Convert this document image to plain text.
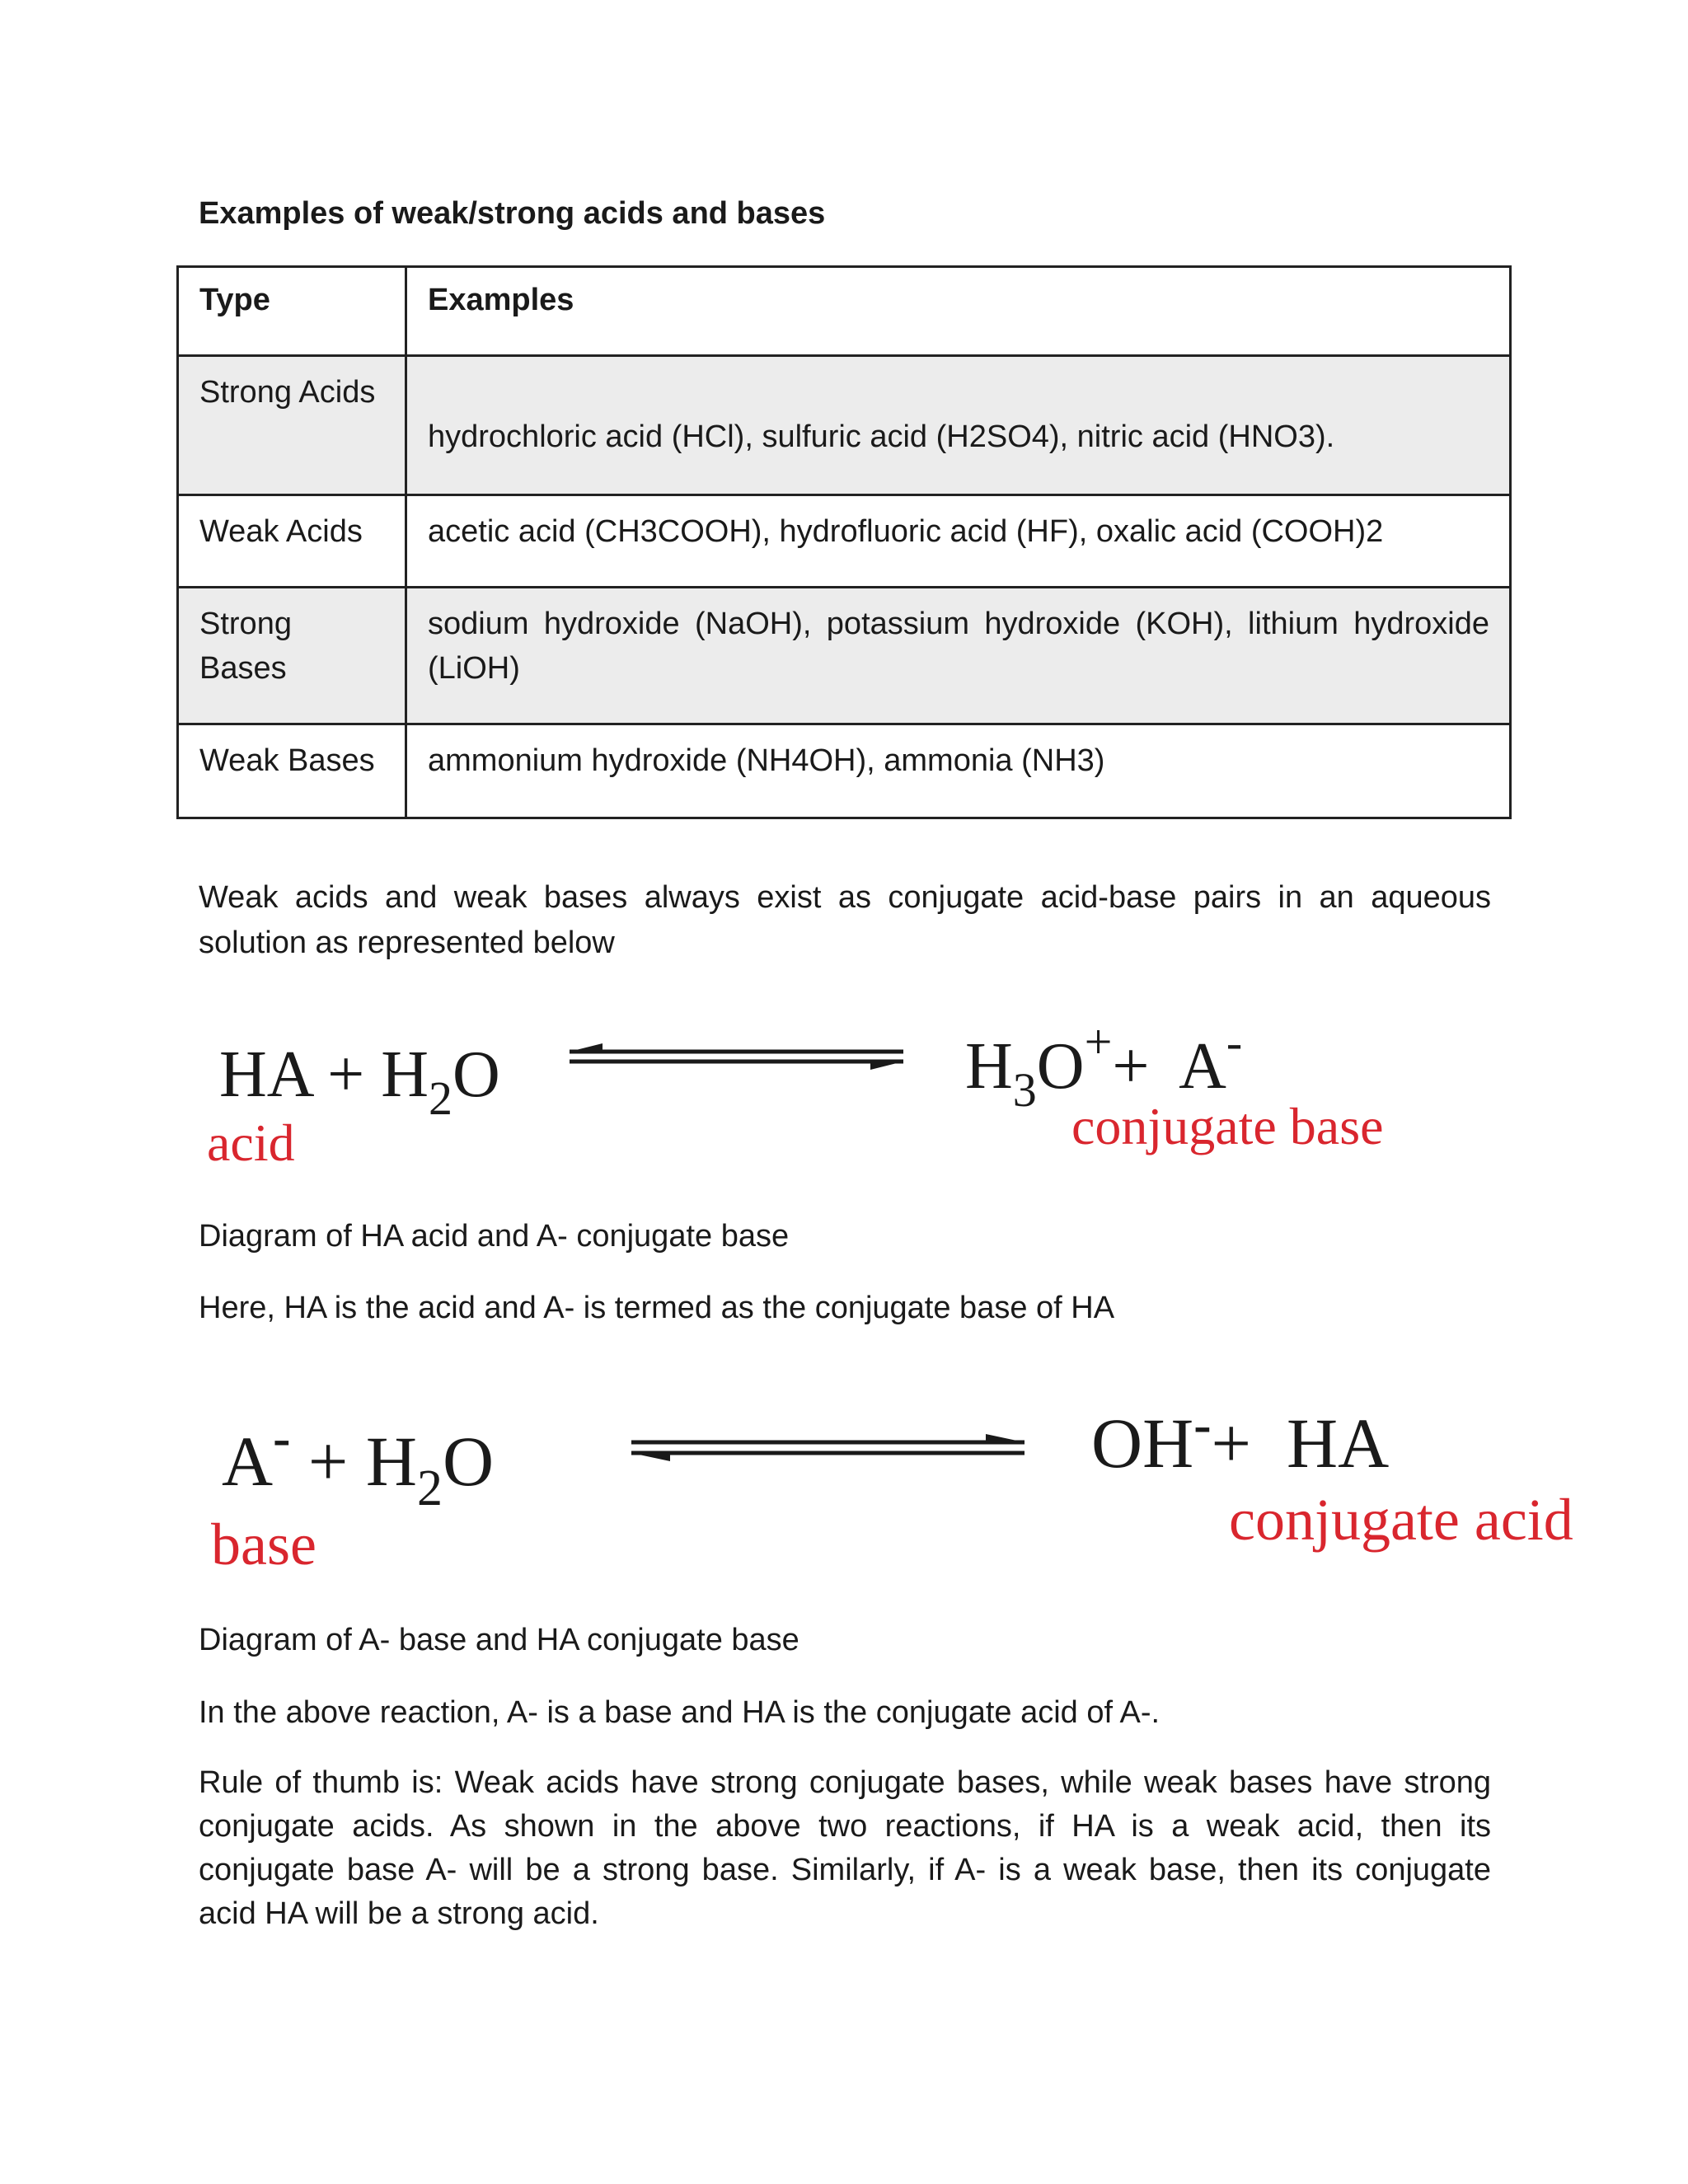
Examples of weak/strong acids and bases
Type	Examples
Strong Acids	hydrochloric acid (HCl), sulfuric acid (H2SO4), nitric acid (HNO3).

Weak Acids	acetic acid (CH3COOH), hydrofluoric acid (HF), oxalic acid (COOH)2
Strong Bases	sodium hydroxide (NaOH), potassium hydroxide (KOH), lithium hydroxide (LiOH)
Weak Bases	ammonium hydroxide (NH4OH), ammonia (NH3)
Weak acids and weak bases always exist as conjugate acid-base pairs in an aqueous solution as represented below
HA + $H_2O$	$H_3O^++ A^-$
acid	conjugate base
Diagram of HA acid and A- conjugate base
Here, HA is the acid and A- is termed as the conjugate base of HA
$A^- + H_2O$	OH-+  HA
base	conjugate acid
Diagram of A- base and HA conjugate base
In the above reaction, A- is a base and HA is the conjugate acid of A-.
Rule of thumb is: Weak acids have strong conjugate bases, while weak bases have strong conjugate acids. As shown in the above two reactions, if HA is a weak acid, then its conjugate base A- will be a strong base. Similarly, if A- is a weak base, then its conjugate acid HA will be a strong acid.
